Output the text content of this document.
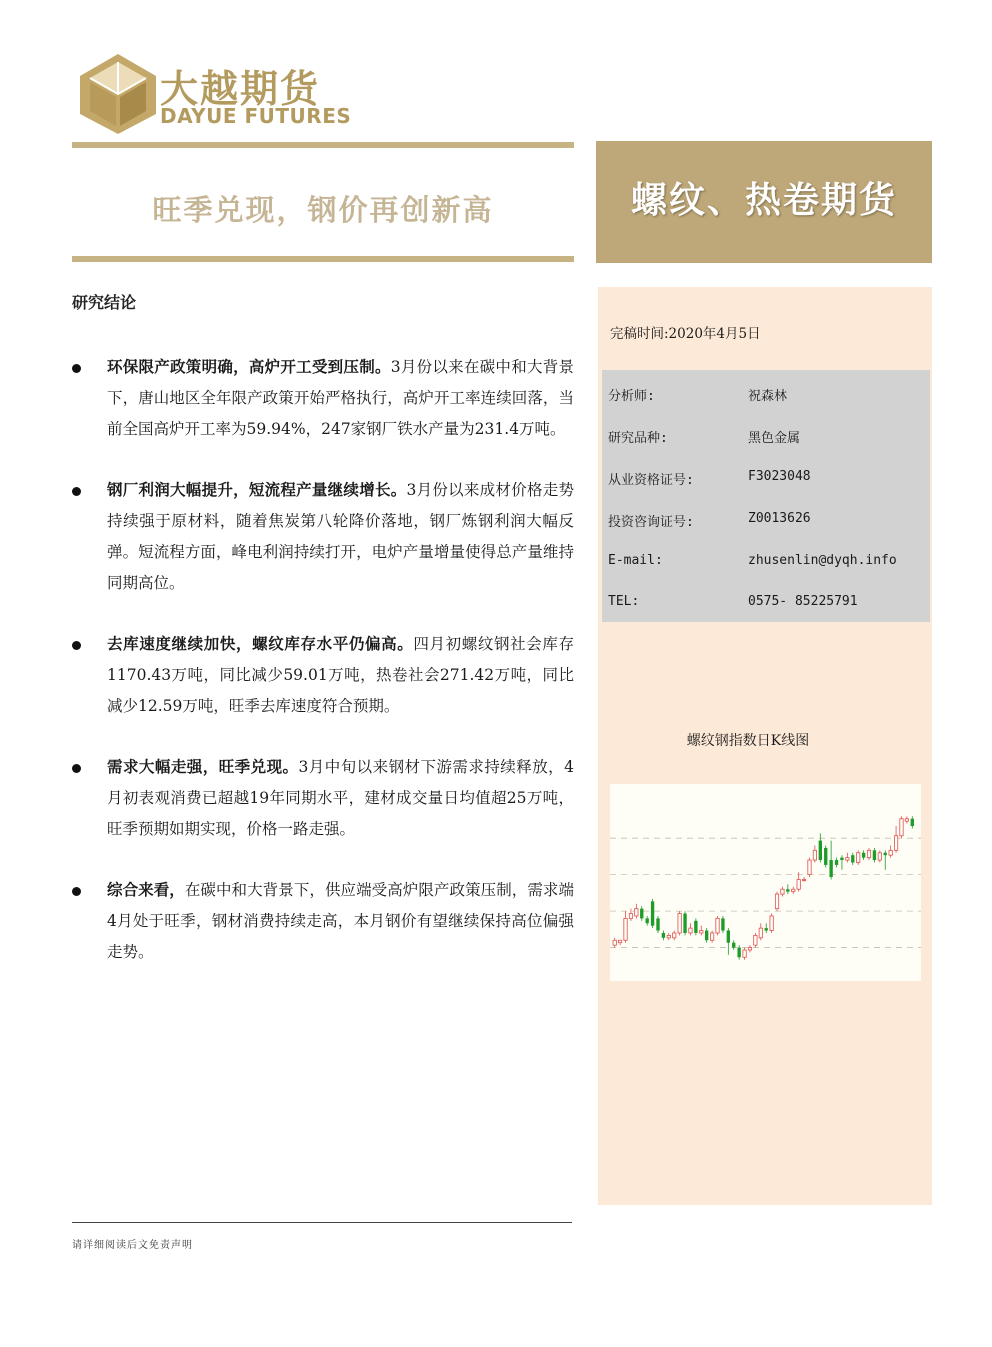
大越期货
DAYUE FUTURES
旺季兑现，钢价再创新高	螺纹、热卷期货
研究结论
环保限产政策明确，高炉开工受到压制。3月份以来在碳中和大背景下，唐山地区全年限产政策开始严格执行，高炉开工率连续回落，当前全国高炉开工率为59.94%，247家钢厂铁水产量为231.4万吨。
钢厂利润大幅提升，短流程产量继续增长。3月份以来成材价格走势持续强于原材料，随着焦炭第八轮降价落地，钢厂炼钢利润大幅反弹。短流程方面，峰电利润持续打开，电炉产量增量使得总产量维持同期高位。
去库速度继续加快，螺纹库存水平仍偏高。四月初螺纹钢社会库存1170.43万吨，同比减少59.01万吨，热卷社会271.42万吨，同比减少12.59万吨，旺季去库速度符合预期。
需求大幅走强，旺季兑现。3月中旬以来钢材下游需求持续释放，4月初表观消费已超越19年同期水平，建材成交量日均值超25万吨，旺季预期如期实现，价格一路走强。
综合来看，在碳中和大背景下，供应端受高炉限产政策压制，需求端4月处于旺季，钢材消费持续走高，本月钢价有望继续保持高位偏强走势。
请详细阅读后文免责声明
完稿时间:2020年4月5日
分析师:	祝森林
研究品种:	黑色金属
从业资格证号:	F3023048
投资咨询证号:	Z0013626
E-mail:	zhusenlin@dyqh.info
TEL:	0575- 85225791
螺纹钢指数日K线图
